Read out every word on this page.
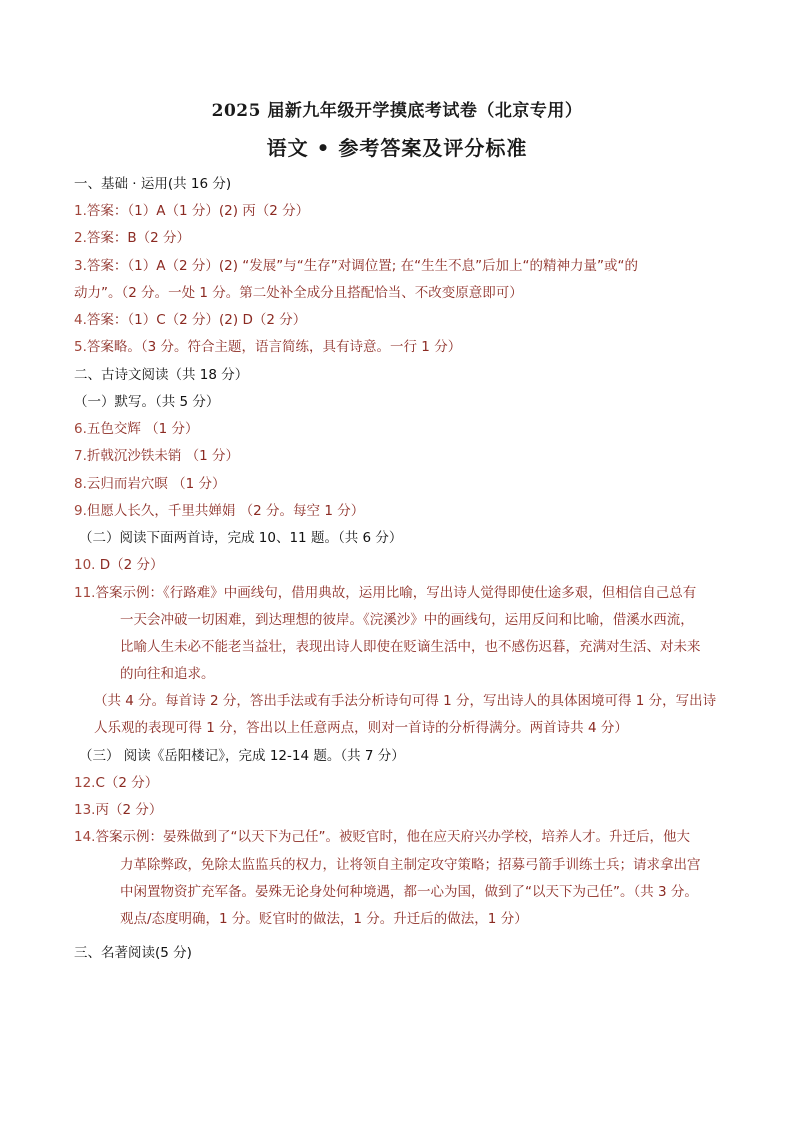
2025 届新九年级开学摸底考试卷（北京专用）
语文 • 参考答案及评分标准
一、基础 · 运用(共 16 分)
1.答案：（1）A（1 分）(2) 丙（2 分）
2.答案：B（2 分）
3.答案：（1）A（2 分）(2) “发展”与“生存”对调位置; 在“生生不息”后加上“的精神力量”或“的
动力”。（2 分。一处 1 分。第二处补全成分且搭配恰当、不改变原意即可）
4.答案：（1）C（2 分）(2) D（2 分）
5.答案略。（3 分。符合主题，语言简练，具有诗意。一行 1 分）
二、古诗文阅读（共 18 分）
（一）默写。（共 5 分）
6.五色交辉 （1 分）
7.折戟沉沙铁未销 （1 分）
8.云归而岩穴暝 （1 分）
9.但愿人长久，千里共婵娟 （2 分。每空 1 分）
（二）阅读下面两首诗，完成 10、11 题。（共 6 分）
10. D（2 分）
11.答案示例：《行路难》中画线句，借用典故，运用比喻，写出诗人觉得即使仕途多艰，但相信自己总有
一天会冲破一切困难，到达理想的彼岸。《浣溪沙》中的画线句，运用反问和比喻，借溪水西流，
比喻人生未必不能老当益壮，表现出诗人即使在贬谪生活中，也不感伤迟暮，充满对生活、对未来
的向往和追求。
（共 4 分。每首诗 2 分，答出手法或有手法分析诗句可得 1 分，写出诗人的具体困境可得 1 分，写出诗
人乐观的表现可得 1 分，答出以上任意两点，则对一首诗的分析得满分。两首诗共 4 分）
（三） 阅读《岳阳楼记》，完成 12-14 题。（共 7 分）
12.C（2 分）
13.丙（2 分）
14.答案示例：晏殊做到了“以天下为己任”。被贬官时，他在应天府兴办学校，培养人才。升迁后，他大
力革除弊政，免除太监监兵的权力，让将领自主制定攻守策略；招募弓箭手训练士兵；请求拿出宫
中闲置物资扩充军备。晏殊无论身处何种境遇，都一心为国，做到了“以天下为己任”。（共 3 分。
观点/态度明确，1 分。贬官时的做法，1 分。升迁后的做法，1 分）
三、名著阅读(5 分)
